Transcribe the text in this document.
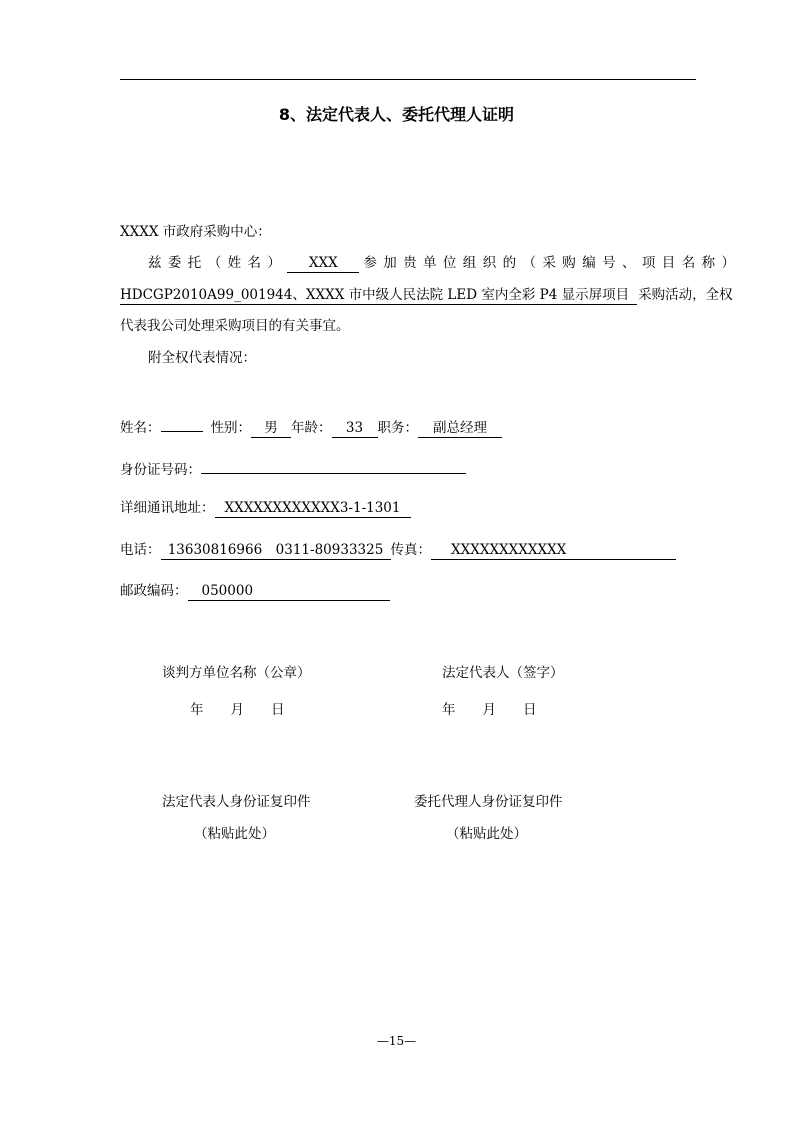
8、法定代表人、委托代理人证明
XXXX 市政府采购中心：
兹委托（姓名） XXX 参加贵单位组织的（采购编号、项目名称）
HDCGP2010A99_001944、XXXX 市中级人民法院 LED 室内全彩 P4 显示屏项目 采购活动，全权
代表我公司处理采购项目的有关事宜。
附全权代表情况：
姓名：	性别： 男 年龄： 33 职务： 副总经理
身份证号码：
详细通讯地址： XXXXXXXXXXXX3-1-1301
电话： 13630816966　0311-80933325 传真： XXXXXXXXXXXX
邮政编码： 050000
谈判方单位名称（公章）	法定代表人（签字）
年　　月　　日	年　　月　　日
法定代表人身份证复印件	委托代理人身份证复印件
（粘贴此处）	（粘贴此处）
—15—
